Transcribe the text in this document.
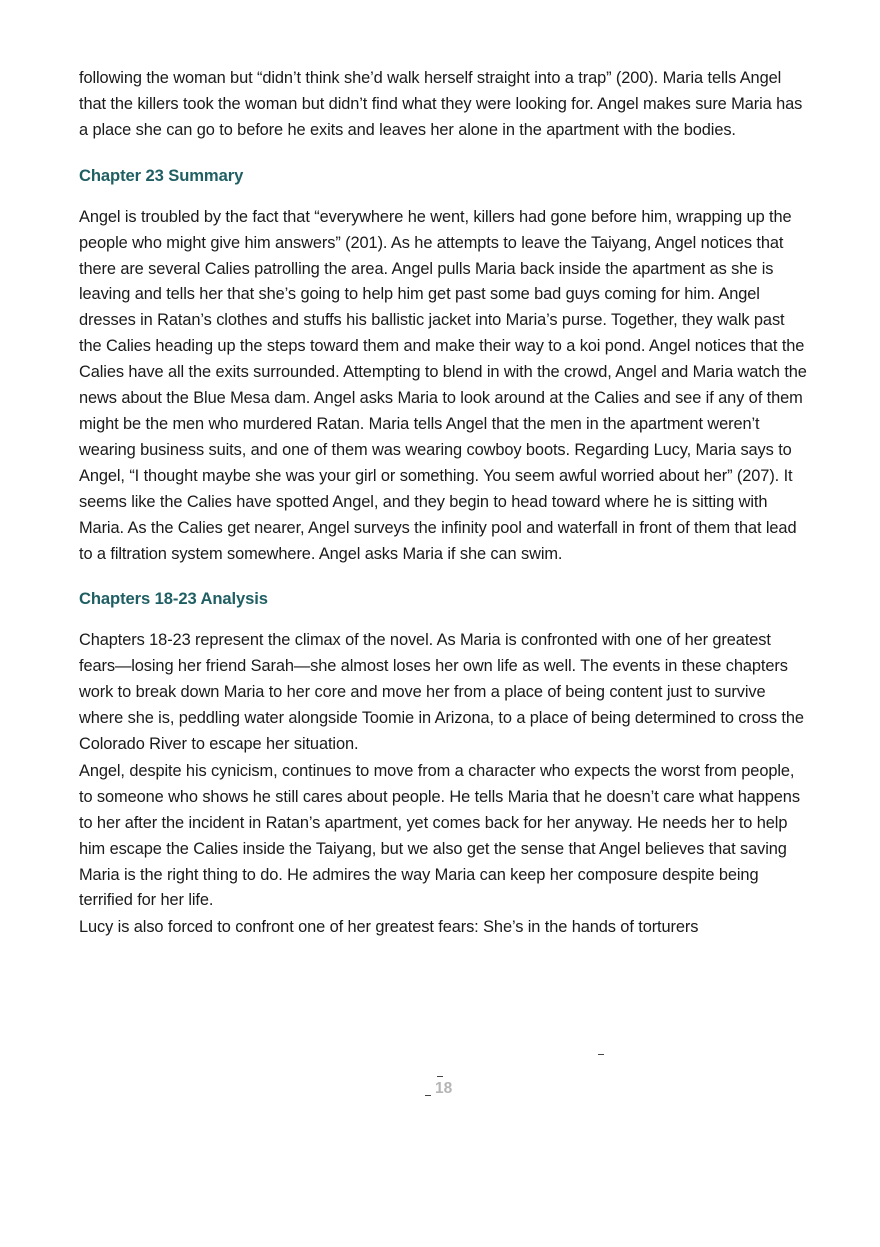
following the woman but “didn’t think she’d walk herself straight into a trap” (200). Maria tells Angel that the killers took the woman but didn’t find what they were looking for. Angel makes sure Maria has a place she can go to before he exits and leaves her alone in the apartment with the bodies.

Chapter 23 Summary

Angel is troubled by the fact that “everywhere he went, killers had gone before him, wrapping up the people who might give him answers” (201). As he attempts to leave the Taiyang, Angel notices that there are several Calies patrolling the area. Angel pulls Maria back inside the apartment as she is leaving and tells her that she’s going to help him get past some bad guys coming for him. Angel dresses in Ratan’s clothes and stuffs his ballistic jacket into Maria’s purse. Together, they walk past the Calies heading up the steps toward them and make their way to a koi pond. Angel notices that the Calies have all the exits surrounded. Attempting to blend in with the crowd, Angel and Maria watch the news about the Blue Mesa dam. Angel asks Maria to look around at the Calies and see if any of them might be the men who murdered Ratan. Maria tells Angel that the men in the apartment weren’t wearing business suits, and one of them was wearing cowboy boots. Regarding Lucy, Maria says to Angel, “I thought maybe she was your girl or something. You seem awful worried about her” (207). It seems like the Calies have spotted Angel, and they begin to head toward where he is sitting with Maria. As the Calies get nearer, Angel surveys the infinity pool and waterfall in front of them that lead to a filtration system somewhere. Angel asks Maria if she can swim.

Chapters 18-23 Analysis

Chapters 18-23 represent the climax of the novel. As Maria is confronted with one of her greatest fears—losing her friend Sarah—she almost loses her own life as well. The events in these chapters work to break down Maria to her core and move her from a place of being content just to survive where she is, peddling water alongside Toomie in Arizona, to a place of being determined to cross the Colorado River to escape her situation.

Angel, despite his cynicism, continues to move from a character who expects the worst from people, to someone who shows he still cares about people. He tells Maria that he doesn’t care what happens to her after the incident in Ratan’s apartment, yet comes back for her anyway. He needs her to help him escape the Calies inside the Taiyang, but we also get the sense that Angel believes that saving Maria is the right thing to do. He admires the way Maria can keep her composure despite being terrified for her life.

Lucy is also forced to confront one of her greatest fears: She’s in the hands of torturers

18
